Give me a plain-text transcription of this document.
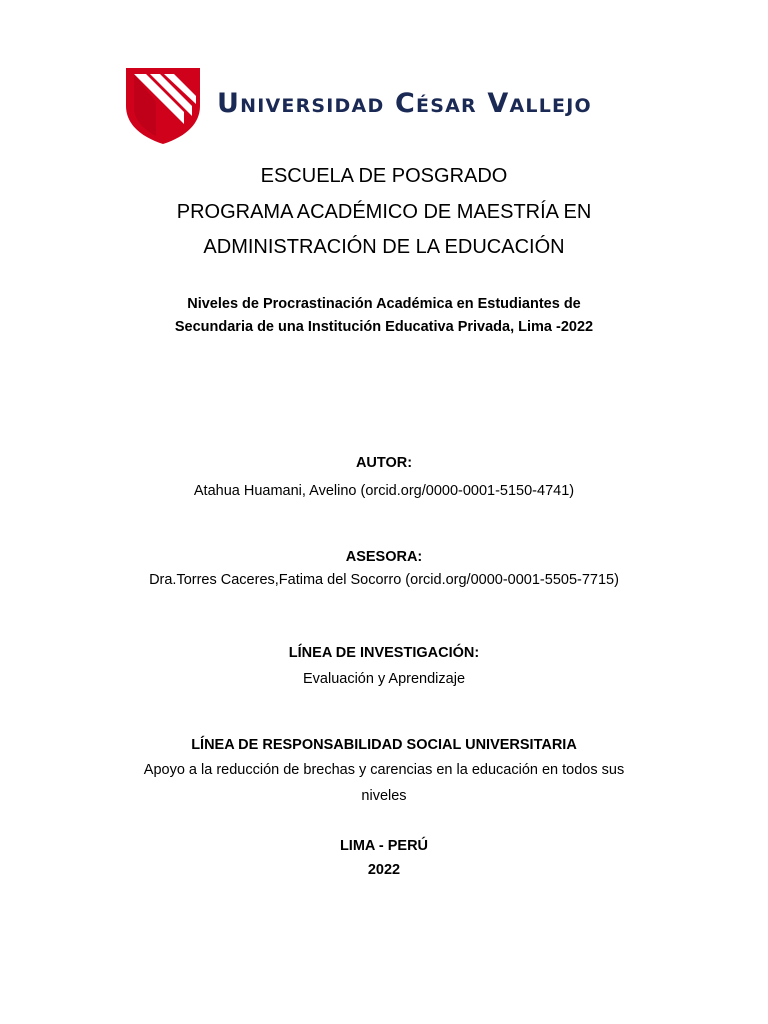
Universidad César Vallejo
ESCUELA DE POSGRADO
PROGRAMA ACADÉMICO DE MAESTRÍA EN
ADMINISTRACIÓN DE LA EDUCACIÓN
Niveles de Procrastinación Académica en Estudiantes de
Secundaria de una Institución Educativa Privada, Lima -2022
AUTOR:
Atahua Huamani, Avelino (orcid.org/0000-0001-5150-4741)
ASESORA:
Dra.Torres Caceres,Fatima del Socorro (orcid.org/0000-0001-5505-7715)
LÍNEA DE INVESTIGACIÓN:
Evaluación y Aprendizaje
LÍNEA DE RESPONSABILIDAD SOCIAL UNIVERSITARIA
Apoyo a la reducción de brechas y carencias en la educación en todos sus
niveles
LIMA - PERÚ
2022
